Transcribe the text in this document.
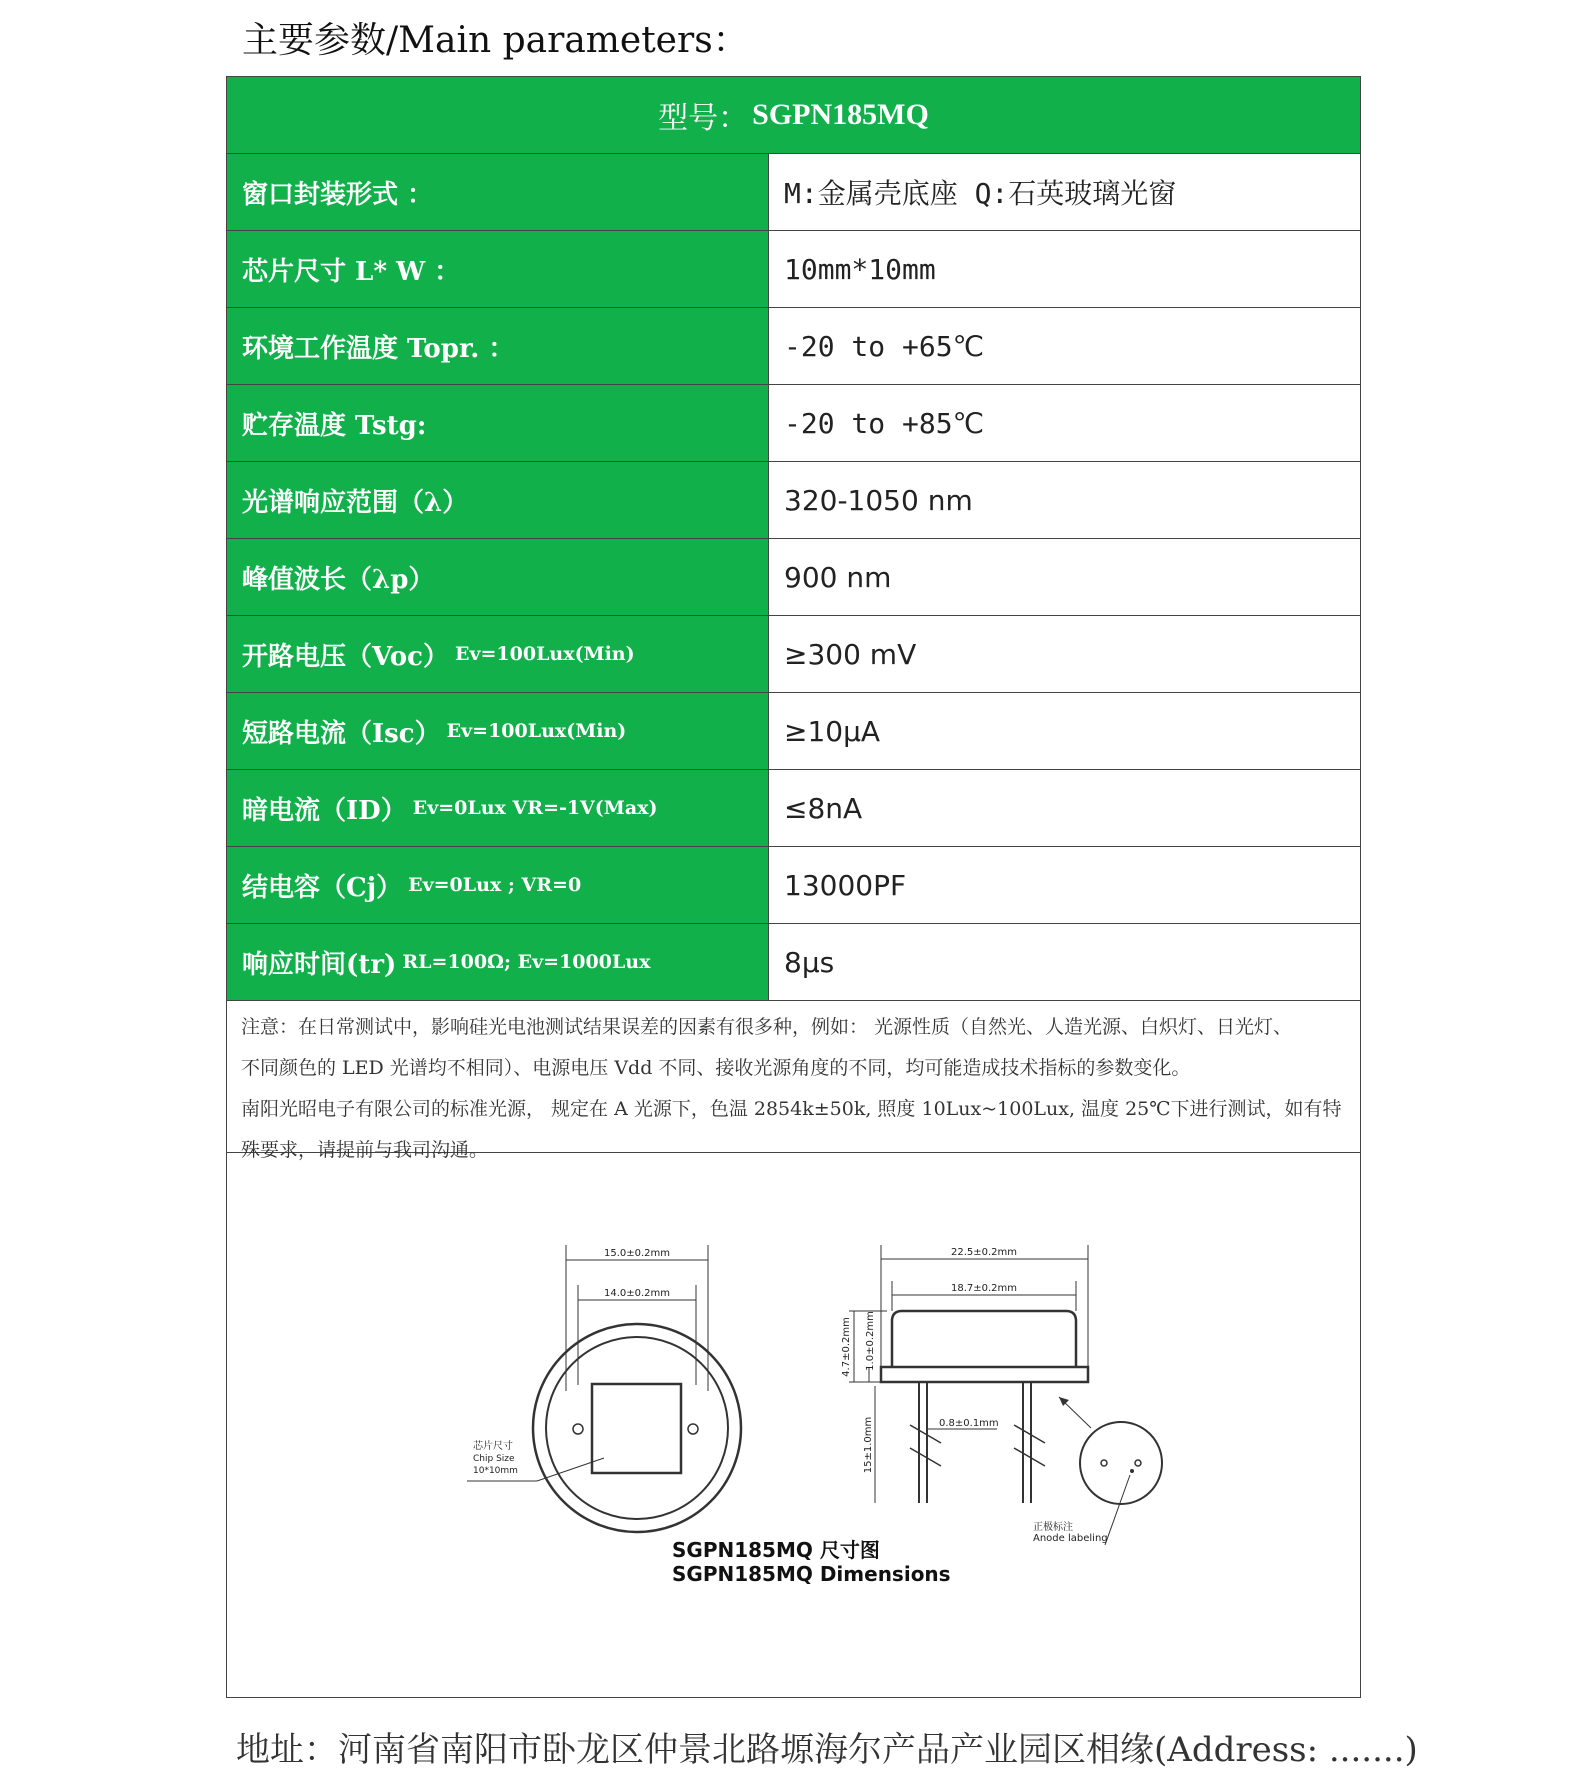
主要参数/Main parameters：
型号： SGPN185MQ
窗口封装形式 ：	M:金属壳底座 Q:石英玻璃光窗
芯片尺寸 L* W ：	10mm*10mm
环境工作温度 Topr. ：	-20 to +65℃
贮存温度 Tstg:	-20 to +85℃
光谱响应范围（λ）	320-1050 nm
峰值波长（λp）	900 nm
开路电压（Voc） Ev=100Lux(Min)	≥300 mV
短路电流（Isc） Ev=100Lux(Min)	≥10μA
暗电流（ID） Ev=0Lux VR=-1V(Max)	≤8nA
结电容（Cj） Ev=0Lux ; VR=0	13000PF
响应时间(tr) RL=100Ω; Ev=1000Lux	8μs

注意：在日常测试中，影响硅光电池测试结果误差的因素有很多种，例如： 光源性质（自然光、人造光源、白炽灯、日光灯、

不同颜色的 LED 光谱均不相同）、电源电压 Vdd 不同、接收光源角度的不同，均可能造成技术指标的参数变化。

南阳光昭电子有限公司的标准光源， 规定在 A 光源下，色温 2854k±50k, 照度 10Lux~100Lux, 温度 25℃下进行测试，如有特

殊要求，请提前与我司沟通。

15.0±0.2mm
14.0±0.2mm
芯片尺寸
Chip Size
10*10mm
22.5±0.2mm
18.7±0.2mm
4.7±0.2mm 1.0±0.2mm
0.8±0.1mm
15±1.0mm
正极标注
Anode labeling
SGPN185MQ 尺寸图
SGPN185MQ Dimensions
地址：河南省南阳市卧龙区仲景北路塬海尔产品产业园区相缘(Address: .......)
